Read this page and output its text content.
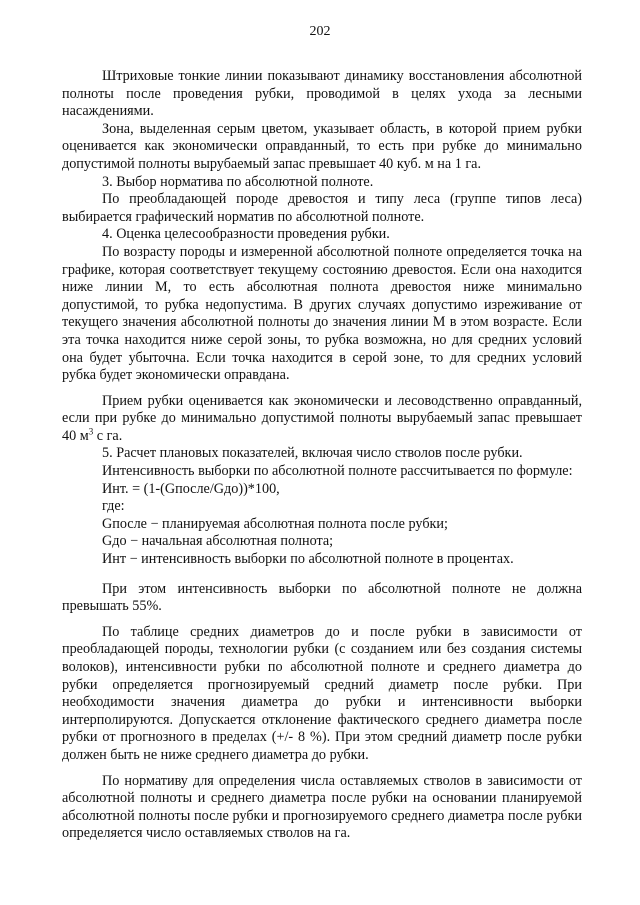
202

Штриховые тонкие линии показывают динамику восстановления абсолютной полноты после проведения рубки, проводимой в целях ухода за лесными насаждениями.

Зона, выделенная серым цветом, указывает область, в которой прием рубки оценивается как экономически оправданный, то есть при рубке до минимально допустимой полноты вырубаемый запас превышает 40 куб. м на 1 га.

3. Выбор норматива по абсолютной полноте.

По преобладающей породе древостоя и типу леса (группе типов леса) выбирается графический норматив по абсолютной полноте.

4. Оценка целесообразности проведения рубки.

По возрасту породы и измеренной абсолютной полноте определяется точка на графике, которая соответствует текущему состоянию древостоя. Если она находится ниже линии М, то есть абсолютная полнота древостоя ниже минимально допустимой, то рубка недопустима. В других случаях допустимо изреживание от текущего значения абсолютной полноты до значения линии М в этом возрасте. Если эта точка находится ниже серой зоны, то рубка возможна, но для средних условий она будет убыточна. Если точка находится в серой зоне, то для средних условий рубка будет экономически оправдана.

Прием рубки оценивается как экономически и лесоводственно оправданный, если при рубке до минимально допустимой полноты вырубаемый запас превышает 40 $м^3$ с га.

5. Расчет плановых показателей, включая число стволов после рубки.

Интенсивность выборки по абсолютной полноте рассчитывается по формуле:

Инт. = (1-(Gпосле/Gдо))*100,

где:

Gпосле − планируемая абсолютная полнота после рубки;

Gдо − начальная абсолютная полнота;

Инт − интенсивность выборки по абсолютной полноте в процентах.

При этом интенсивность выборки по абсолютной полноте не должна превышать 55%.

По таблице средних диаметров до и после рубки в зависимости от преобладающей породы, технологии рубки (с созданием или без создания системы волоков), интенсивности рубки по абсолютной полноте и среднего диаметра до рубки определяется прогнозируемый средний диаметр после рубки. При необходимости значения диаметра до рубки и интенсивности выборки интерполируются. Допускается отклонение фактического среднего диаметра после рубки от прогнозного в пределах (+/- 8 %). При этом средний диаметр после рубки должен быть не ниже среднего диаметра до рубки.

По нормативу для определения числа оставляемых стволов в зависимости от абсолютной полноты и среднего диаметра после рубки на основании планируемой абсолютной полноты после рубки и прогнозируемого среднего диаметра после рубки определяется число оставляемых стволов на га.
